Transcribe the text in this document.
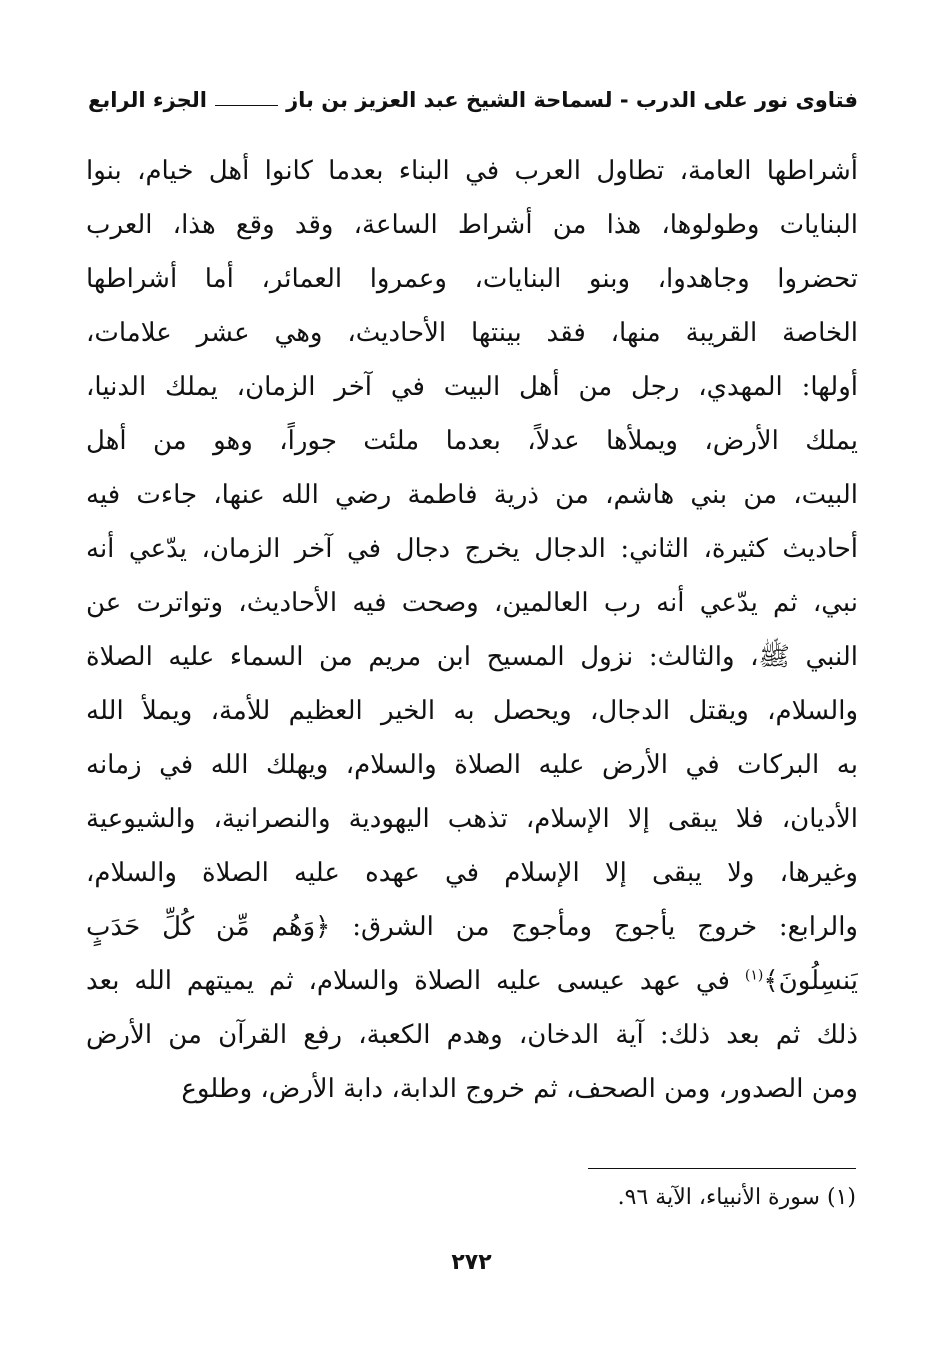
فتاوى نور على الدرب - لسماحة الشيخ عبد العزيز بن باز
الجزء الرابع
أشراطها العامة، تطاول العرب في البناء بعدما كانوا أهل خيام، بنوا
البنايات وطولوها، هذا من أشراط الساعة، وقد وقع هذا، العرب
تحضروا وجاهدوا، وبنو البنايات، وعمروا العمائر، أما أشراطها
الخاصة القريبة منها، فقد بينتها الأحاديث، وهي عشر علامات،
أولها: المهدي، رجل من أهل البيت في آخر الزمان، يملك الدنيا،
يملك الأرض، ويملأها عدلاً، بعدما ملئت جوراً، وهو من أهل
البيت، من بني هاشم، من ذرية فاطمة رضي الله عنها، جاءت فيه
أحاديث كثيرة، الثاني: الدجال يخرج دجال في آخر الزمان، يدّعي أنه
نبي، ثم يدّعي أنه رب العالمين، وصحت فيه الأحاديث، وتواترت عن
النبي ﷺ، والثالث: نزول المسيح ابن مريم من السماء عليه الصلاة
والسلام، ويقتل الدجال، ويحصل به الخير العظيم للأمة، ويملأ الله
به البركات في الأرض عليه الصلاة والسلام، ويهلك الله في زمانه
الأديان، فلا يبقى إلا الإسلام، تذهب اليهودية والنصرانية، والشيوعية
وغيرها، ولا يبقى إلا الإسلام في عهده عليه الصلاة والسلام،
والرابع: خروج يأجوج ومأجوج من الشرق: ﴿وَهُم مِّن كُلِّ حَدَبٍ
يَنسِلُونَ﴾$^{(١)}$ في عهد عيسى عليه الصلاة والسلام، ثم يميتهم الله بعد
ذلك ثم بعد ذلك: آية الدخان، وهدم الكعبة، رفع القرآن من الأرض
ومن الصدور، ومن الصحف، ثم خروج الدابة، دابة الأرض، وطلوع
(١) سورة الأنبياء، الآية ٩٦.
٢٧٢
